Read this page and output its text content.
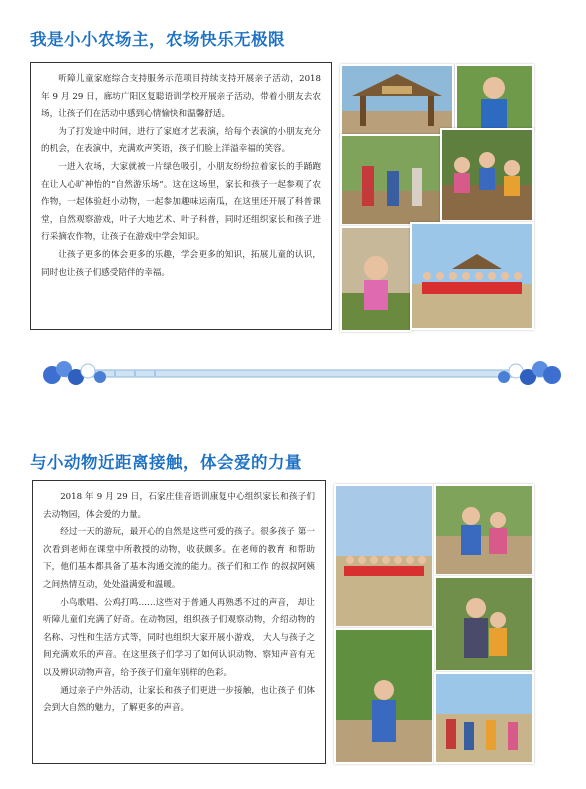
我是小小农场主，农场快乐无极限

听障儿童家庭综合支持服务示范项目持续支持开展亲子活动，2018 年 9 月 29 日，廊坊广阳区复聪语训学校开展亲子活动，带着小朋友去农场，让孩子们在活动中感到心情愉快和温馨舒适。

为了打发途中时间，进行了家庭才艺表演，给每个表演的小朋友充分的机会，在表演中，充满欢声笑语，孩子们脸上洋溢幸福的笑容。

一进入农场，大家就被一片绿色吸引，小朋友纷纷拉着家长的手踊跑在让人心旷神怡的“自然游乐场”。这在这场里，家长和孩子一起参观了农作物，一起体验赶小动物，一起参加趣味运南瓜，在这里还开展了科普课堂，自然观察游戏，叶子大地艺术、叶子科普，同时还组织家长和孩子进行采摘农作物，让孩子在游戏中学会知识。

让孩子更多的体会更多的乐趣，学会更多的知识，拓展儿童的认识，同时也让孩子们感受陪伴的幸福。

与小动物近距离接触，体会爱的力量

2018 年 9 月 29 日，石家庄佳音语训康复中心组织家长和孩子们去动物园，体会爱的力量。

经过一天的游玩，最开心的自然是这些可爱的孩子。很多孩子 第一次看到老师在课堂中所教授的动物，收获颇多。在老师的教育 和帮助下，他们基本都具备了基本沟通交流的能力。孩子们和工作 的叔叔阿姨之间热情互动，处处溢满爱和温暖。

小鸟歌唱、公鸡打鸣……这些对于普通人再熟悉不过的声音， 却让听障儿童们充满了好奇。在动物园，组织孩子们观察动物，介绍动物的名称、习性和生活方式等，同时也组织大家开展小游戏， 大人与孩子之间充满欢乐的声音。在这里孩子们学习了如何认识动物、察知声音有无以及辨识动物声音，给予孩子们童年别样的色彩。

通过亲子户外活动，让家长和孩子们更进一步接触，也让孩子 们体会到大自然的魅力，了解更多的声音。
